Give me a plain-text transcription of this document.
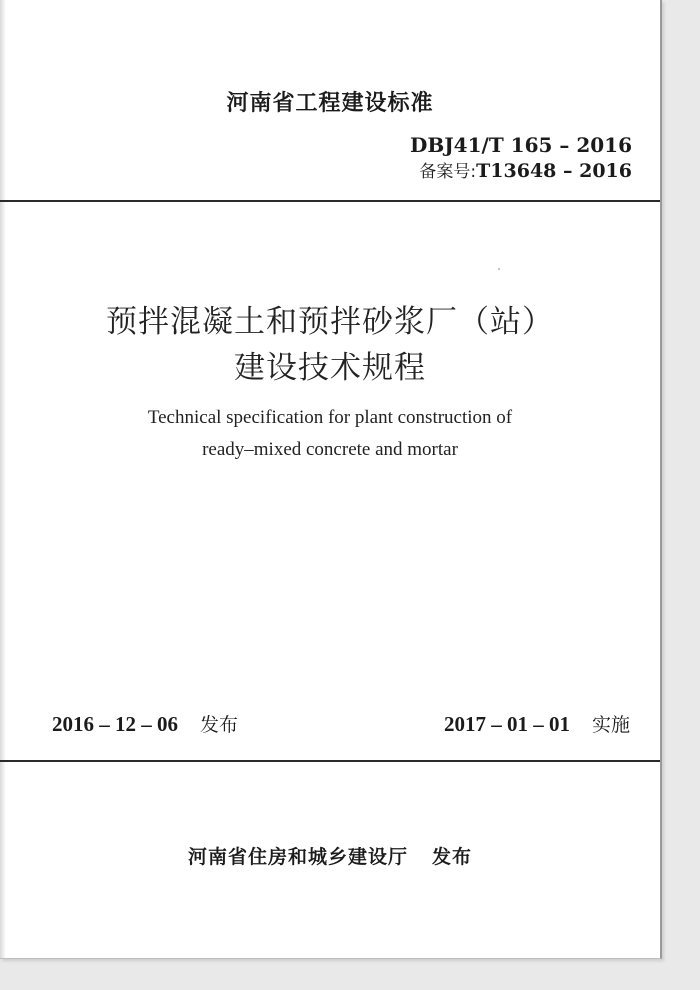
河南省工程建设标准
DBJ41/T 165 – 2016
备案号:T13648 – 2016
预拌混凝土和预拌砂浆厂（站）
建设技术规程
Technical specification for plant construction of
ready–mixed concrete and mortar
2016 – 12 – 06 发布	2017 – 01 – 01 实施
河南省住房和城乡建设厅 发布
